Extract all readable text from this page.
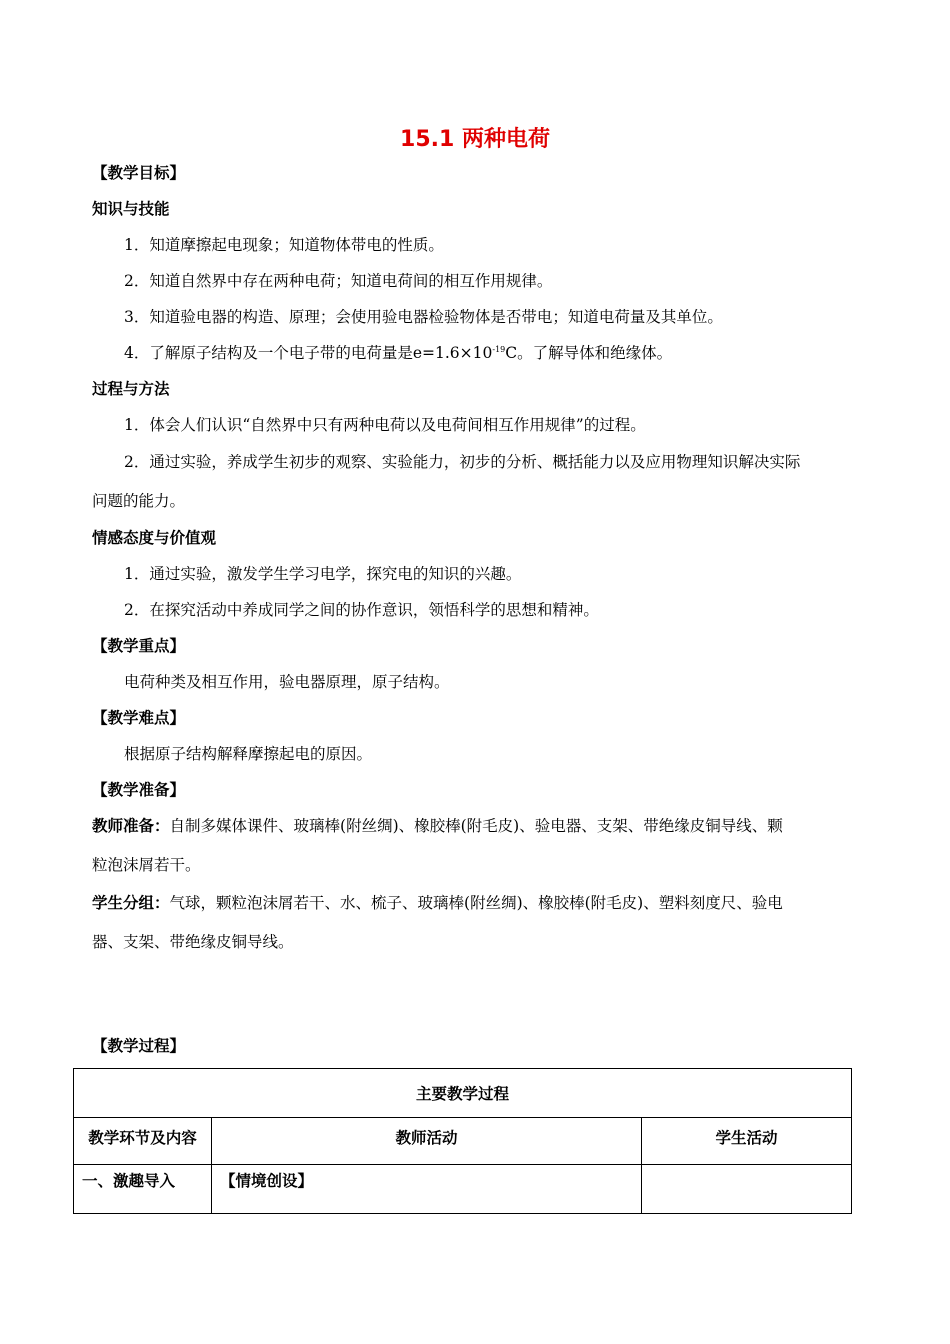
15.1 两种电荷
【教学目标】
知识与技能
1．知道摩擦起电现象；知道物体带电的性质。
2．知道自然界中存在两种电荷；知道电荷间的相互作用规律。
3．知道验电器的构造、原理；会使用验电器检验物体是否带电；知道电荷量及其单位。
4．了解原子结构及一个电子带的电荷量是$e=1.6\times 10^{-19}C$。了解导体和绝缘体。
过程与方法
1．体会人们认识“自然界中只有两种电荷以及电荷间相互作用规律”的过程。
2．通过实验，养成学生初步的观察、实验能力，初步的分析、概括能力以及应用物理知识解决实际
问题的能力。
情感态度与价值观
1．通过实验，激发学生学习电学，探究电的知识的兴趣。
2．在探究活动中养成同学之间的协作意识，领悟科学的思想和精神。
【教学重点】
电荷种类及相互作用，验电器原理，原子结构。
【教学难点】
根据原子结构解释摩擦起电的原因。
【教学准备】
教师准备：自制多媒体课件、玻璃棒(附丝绸)、橡胶棒(附毛皮)、验电器、支架、带绝缘皮铜导线、颗
粒泡沫屑若干。
学生分组：气球，颗粒泡沫屑若干、水、梳子、玻璃棒(附丝绸)、橡胶棒(附毛皮)、塑料刻度尺、验电
器、支架、带绝缘皮铜导线。
【教学过程】
主要教学过程		
教学环节及内容	教师活动	学生活动
一、激趣导入	【情境创设】	
